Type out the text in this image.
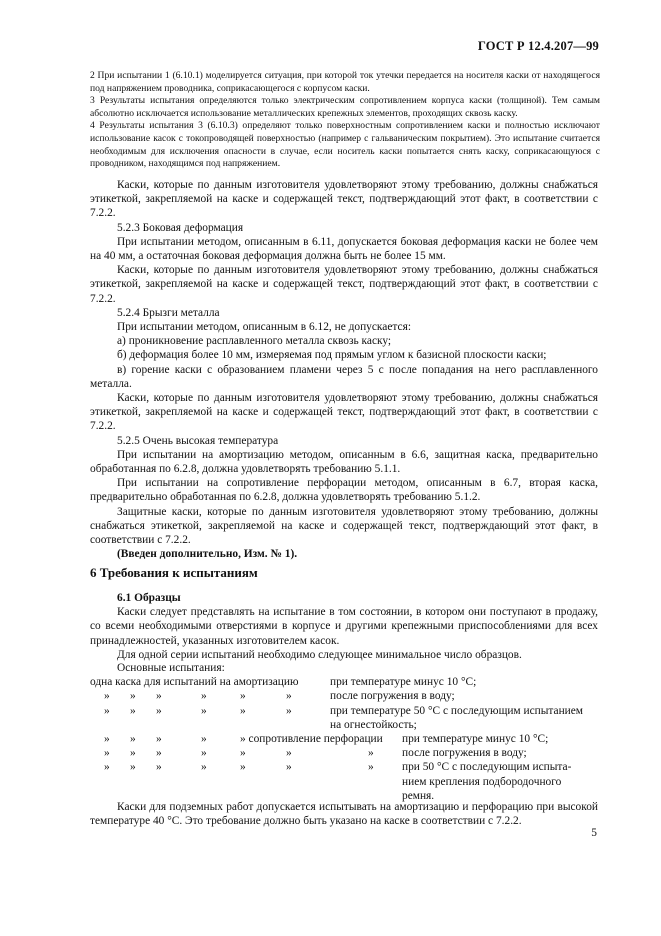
ГОСТ Р 12.4.207—99

2 При испытании 1 (6.10.1) моделируется ситуация, при которой ток утечки передается на носителя каски от находящегося под напряжением проводника, соприкасающегося с корпусом каски.

3 Результаты испытания определяются только электрическим сопротивлением корпуса каски (толщиной). Тем самым абсолютно исключается использование металлических крепежных элементов, проходящих сквозь каску.

4 Результаты испытания 3 (6.10.3) определяют только поверхностным сопротивлением каски и полностью исключают использование касок с токопроводящей поверхностью (например с гальваническим покрытием). Это испытание считается необходимым для исключения опасности в случае, если носитель каски попытается снять каску, соприкасающуюся с проводником, находящимся под напряжением.

Каски, которые по данным изготовителя удовлетворяют этому требованию, должны снабжаться этикеткой, закрепляемой на каске и содержащей текст, подтверждающий этот факт, в соответствии с 7.2.2.

5.2.3 Боковая деформация

При испытании методом, описанным в 6.11, допускается боковая деформация каски не более чем на 40 мм, а остаточная боковая деформация должна быть не более 15 мм.

Каски, которые по данным изготовителя удовлетворяют этому требованию, должны снабжаться этикеткой, закрепляемой на каске и содержащей текст, подтверждающий этот факт, в соответствии с 7.2.2.

5.2.4 Брызги металла

При испытании методом, описанным в 6.12, не допускается:

а) проникновение расплавленного металла сквозь каску;

б) деформация более 10 мм, измеряемая под прямым углом к базисной плоскости каски;

в) горение каски с образованием пламени через 5 с после попадания на него расплавленного металла.

Каски, которые по данным изготовителя удовлетворяют этому требованию, должны снабжаться этикеткой, закрепляемой на каске и содержащей текст, подтверждающий этот факт, в соответствии с 7.2.2.

5.2.5 Очень высокая температура

При испытании на амортизацию методом, описанным в 6.6, защитная каска, предварительно обработанная по 6.2.8, должна удовлетворять требованию 5.1.1.

При испытании на сопротивление перфорации методом, описанным в 6.7, вторая каска, предварительно обработанная по 6.2.8, должна удовлетворять требованию 5.1.2.

Защитные каски, которые по данным изготовителя удовлетворяют этому требованию, должны снабжаться этикеткой, закрепляемой на каске и содержащей текст, подтверждающий этот факт, в соответствии с 7.2.2.

(Введен дополнительно, Изм. № 1).

6 Требования к испытаниям

6.1 Образцы

Каски следует представлять на испытание в том состоянии, в котором они поступают в продажу, со всеми необходимыми отверстиями в корпусе и другими крепежными приспособлениями для всех принадлежностей, указанных изготовителем касок.

Для одной серии испытаний необходимо следующее минимальное число образцов.

Основные испытания:
одна каска для испытаний на амортизацию	при температуре минус 10 °С;
» » »	»	»	»	после погружения в воду;
» » »	»	»	»	при температуре 50 °С с последующим испытанием
на огнестойкость;
» » »	»	» сопротивление перфорации при температуре минус 10 °С;
» » »	»	»	»	» после погружения в воду;
» » »	»	»	»	» при 50 °С с последующим испыта-
нием крепления подбородочного
ремня.

Каски для подземных работ допускается испытывать на амортизацию и перфорацию при высокой температуре 40 °С. Это требование должно быть указано на каске в соответствии с 7.2.2.

5
